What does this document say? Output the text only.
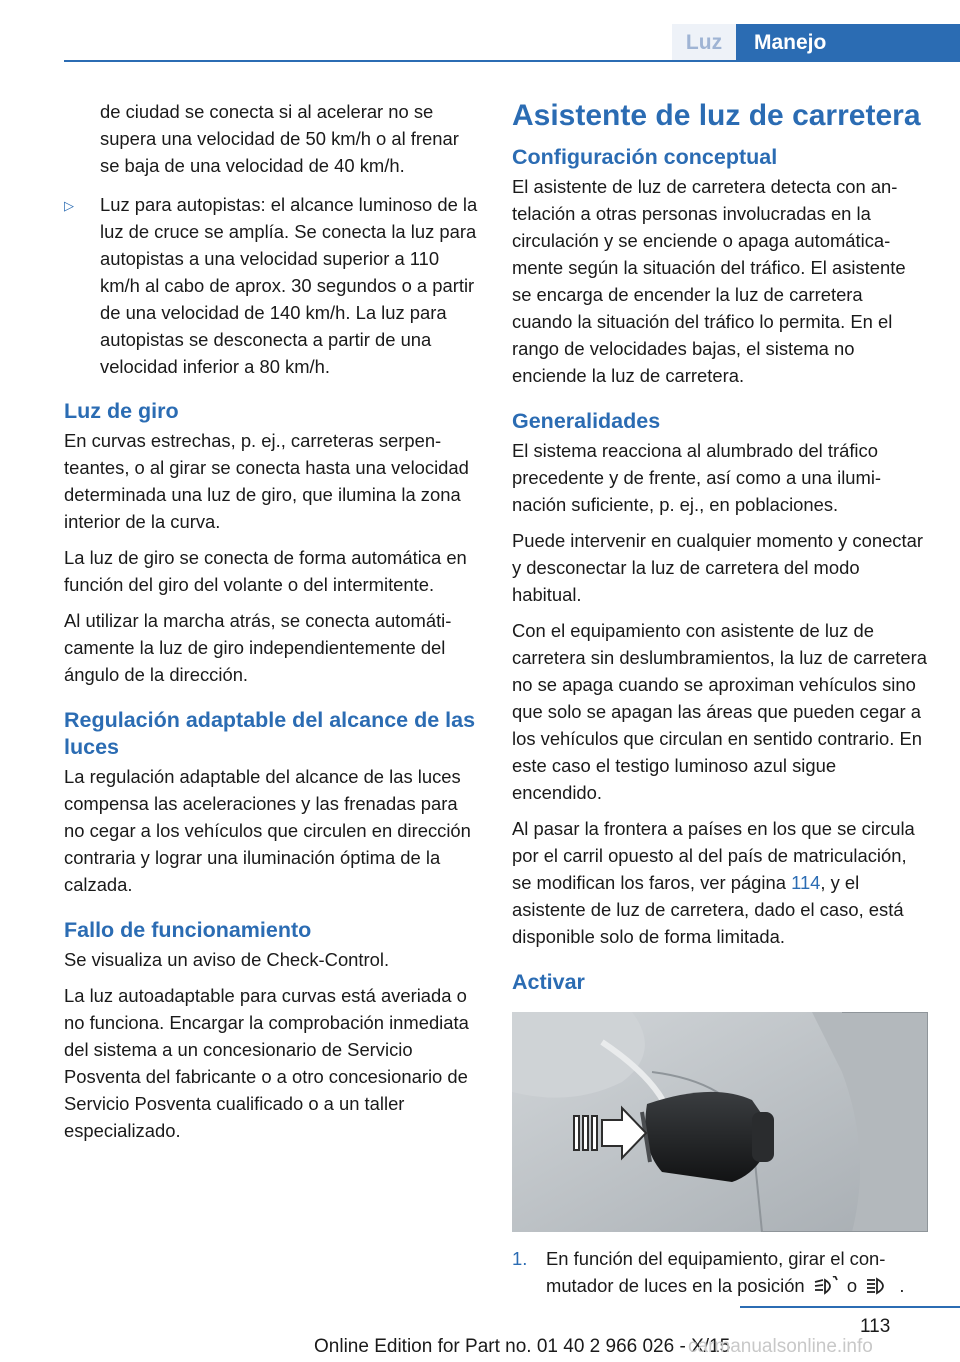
Luz	Manejo

de ciudad se conecta si al acelerar no se supera una velocidad de 50 km/h o al frenar se baja de una velocidad de 40 km/h.

▷ Luz para autopistas: el alcance luminoso de la luz de cruce se amplía. Se conecta la luz para autopistas a una velocidad superior a 110 km/h al cabo de aprox. 30 segundos o a partir de una velocidad de 140 km/h. La luz para autopistas se desconecta a partir de una velocidad inferior a 80 km/h.

Luz de giro

En curvas estrechas, p. ej., carreteras serpenteantes, o al girar se conecta hasta una velocidad determinada una luz de giro, que ilumina la zona interior de la curva.

La luz de giro se conecta de forma automática en función del giro del volante o del intermitente.

Al utilizar la marcha atrás, se conecta automáticamente la luz de giro independientemente del ángulo de la dirección.

Regulación adaptable del alcance de las luces

La regulación adaptable del alcance de las luces compensa las aceleraciones y las frenadas para no cegar a los vehículos que circulen en dirección contraria y lograr una iluminación óptima de la calzada.

Fallo de funcionamiento

Se visualiza un aviso de Check-Control.

La luz autoadaptable para curvas está averiada o no funciona. Encargar la comprobación inmediata del sistema a un concesionario de Servicio Posventa del fabricante o a otro concesionario de Servicio Posventa cualificado o a un taller especializado.

Asistente de luz de carretera
Configuración conceptual

El asistente de luz de carretera detecta con antelación a otras personas involucradas en la circulación y se enciende o apaga automáticamente según la situación del tráfico. El asistente se encarga de encender la luz de carretera cuando la situación del tráfico lo permita. En el rango de velocidades bajas, el sistema no enciende la luz de carretera.

Generalidades

El sistema reacciona al alumbrado del tráfico precedente y de frente, así como a una iluminación suficiente, p. ej., en poblaciones.

Puede intervenir en cualquier momento y conectar y desconectar la luz de carretera del modo habitual.

Con el equipamiento con asistente de luz de carretera sin deslumbramientos, la luz de carretera no se apaga cuando se aproximan vehículos sino que solo se apagan las áreas que pueden cegar a los vehículos que circulan en sentido contrario. En este caso el testigo luminoso azul sigue encendido.

Al pasar la frontera a países en los que se circula por el carril opuesto al del país de matriculación, se modifican los faros, ver página 114, y el asistente de luz de carretera, dado el caso, está disponible solo de forma limitada.

Activar
1. En función del equipamiento, girar el conmutador de luces en la posición  o  .

113
Online Edition for Part no. 01 40 2 966 026 - X/15
carmanualsonline.info
